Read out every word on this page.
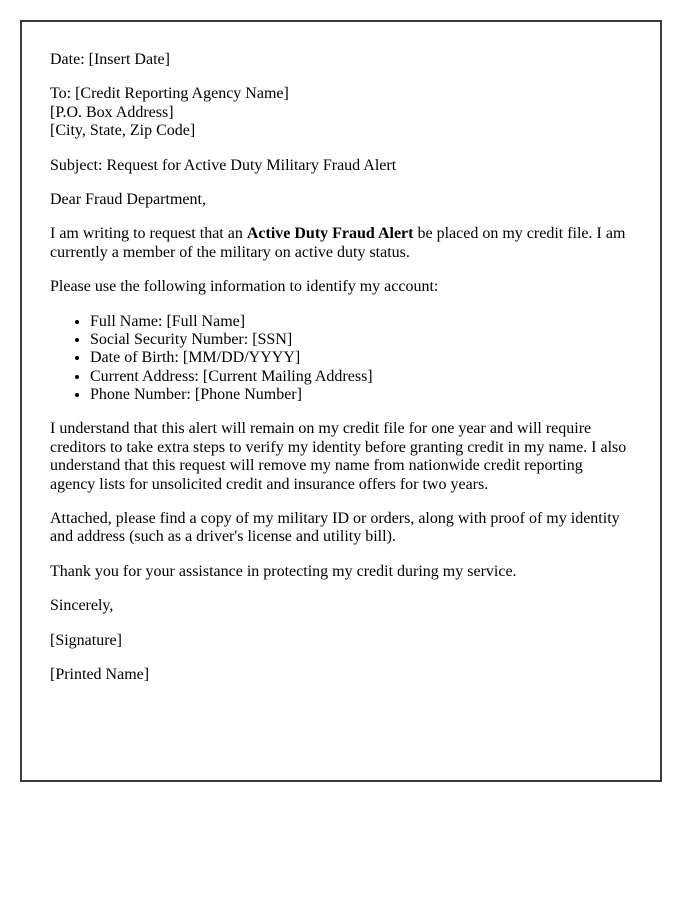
Date: [Insert Date]

To: [Credit Reporting Agency Name]
[P.O. Box Address]
[City, State, Zip Code]

Subject: Request for Active Duty Military Fraud Alert

Dear Fraud Department,

I am writing to request that an Active Duty Fraud Alert be placed on my credit file. I am currently a member of the military on active duty status.

Please use the following information to identify my account:

• Full Name: [Full Name]
• Social Security Number: [SSN]
• Date of Birth: [MM/DD/YYYY]
• Current Address: [Current Mailing Address]
• Phone Number: [Phone Number]

I understand that this alert will remain on my credit file for one year and will require creditors to take extra steps to verify my identity before granting credit in my name. I also understand that this request will remove my name from nationwide credit reporting agency lists for unsolicited credit and insurance offers for two years.

Attached, please find a copy of my military ID or orders, along with proof of my identity and address (such as a driver's license and utility bill).

Thank you for your assistance in protecting my credit during my service.

Sincerely,

[Signature]

[Printed Name]
